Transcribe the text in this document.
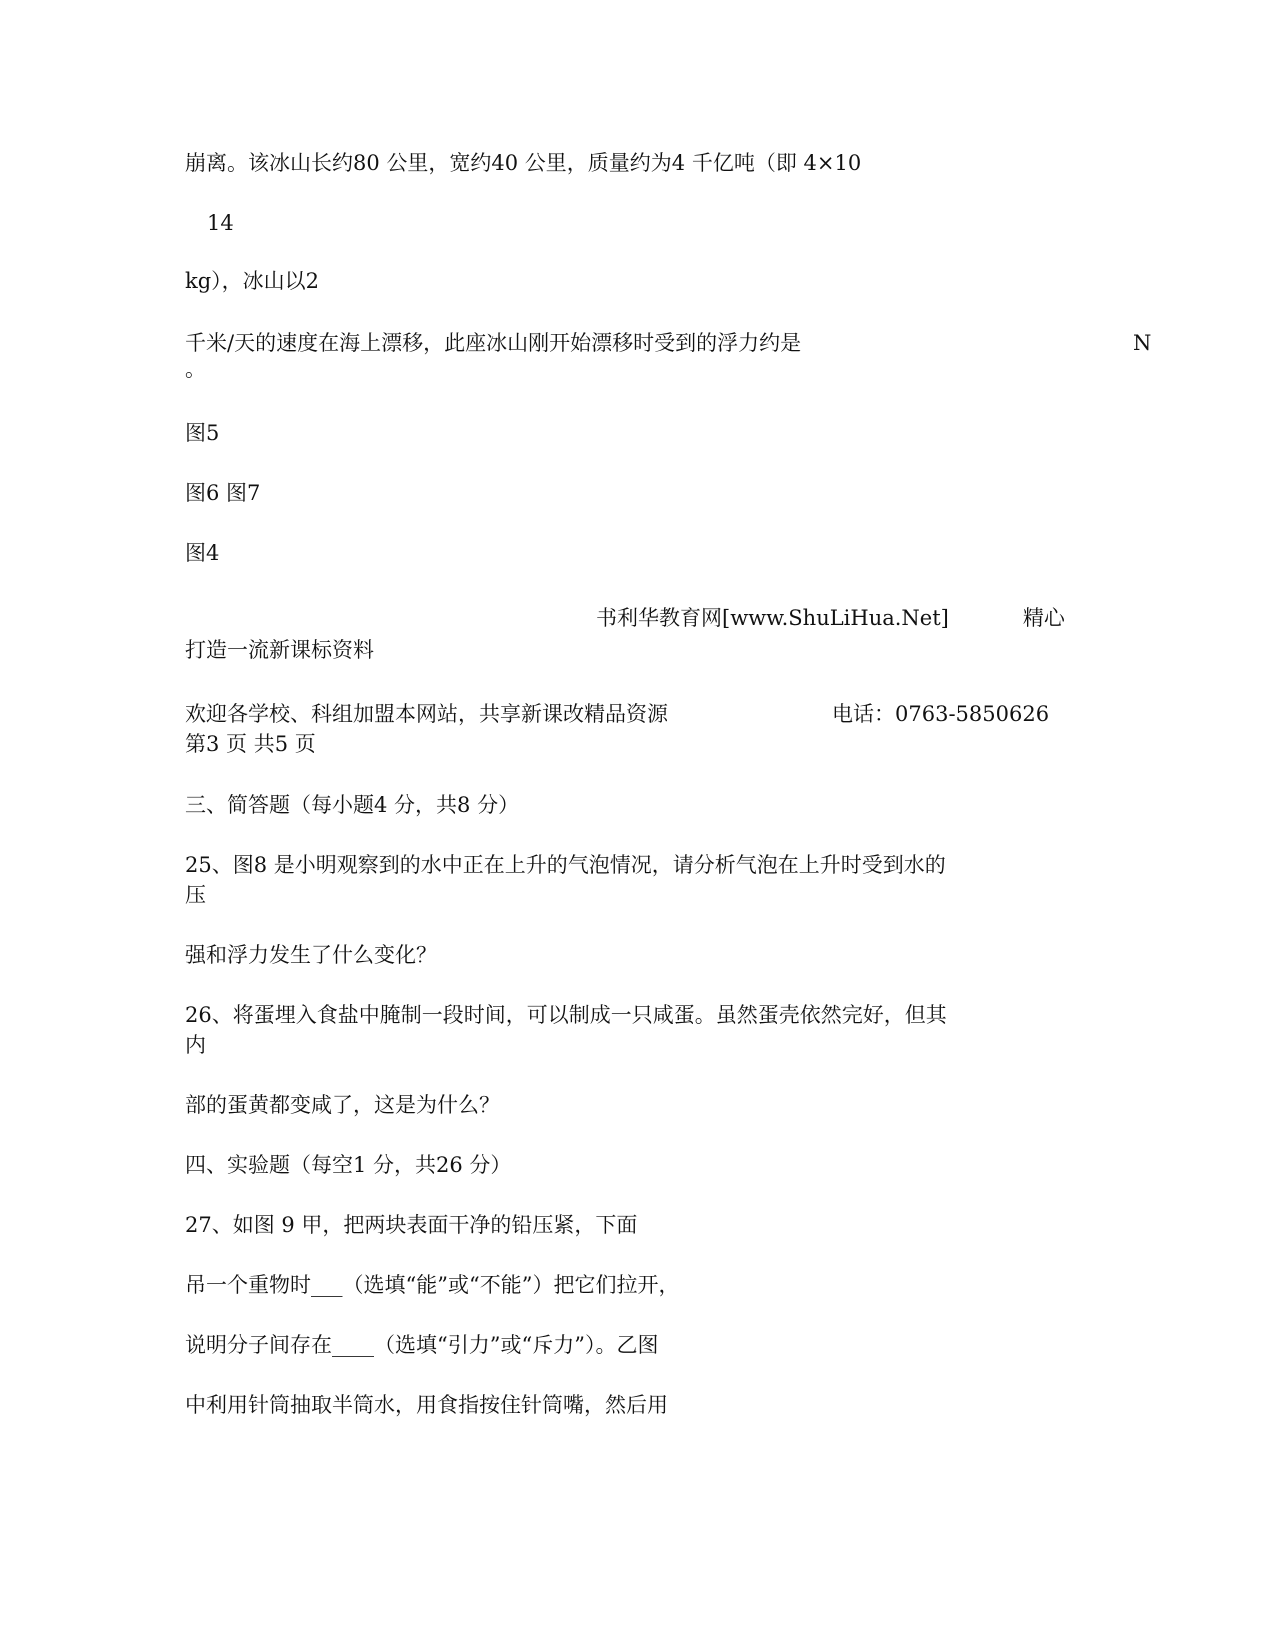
崩离。该冰山长约80 公里，宽约40 公里，质量约为4 千亿吨（即 4×10

14

kg），冰山以2

千米/天的速度在海上漂移，此座冰山刚开始漂移时受到的浮力约是	N

。

图5

图6 图7

图4

书利华教育网[www.ShuLiHua.Net]	精心

打造一流新课标资料

欢迎各学校、科组加盟本网站，共享新课改精品资源	电话：0763-5850626

第3 页 共5 页

三、简答题（每小题4 分，共8 分）

25、图8 是小明观察到的水中正在上升的气泡情况，请分析气泡在上升时受到水的

压

强和浮力发生了什么变化？

26、将蛋埋入食盐中腌制一段时间，可以制成一只咸蛋。虽然蛋壳依然完好，但其

内

部的蛋黄都变咸了，这是为什么？

四、实验题（每空1 分，共26 分）

27、如图 9 甲，把两块表面干净的铅压紧，下面

吊一个重物时___（选填“能”或“不能”）把它们拉开，

说明分子间存在____（选填“引力”或“斥力”）。乙图

中利用针筒抽取半筒水，用食指按住针筒嘴，然后用
